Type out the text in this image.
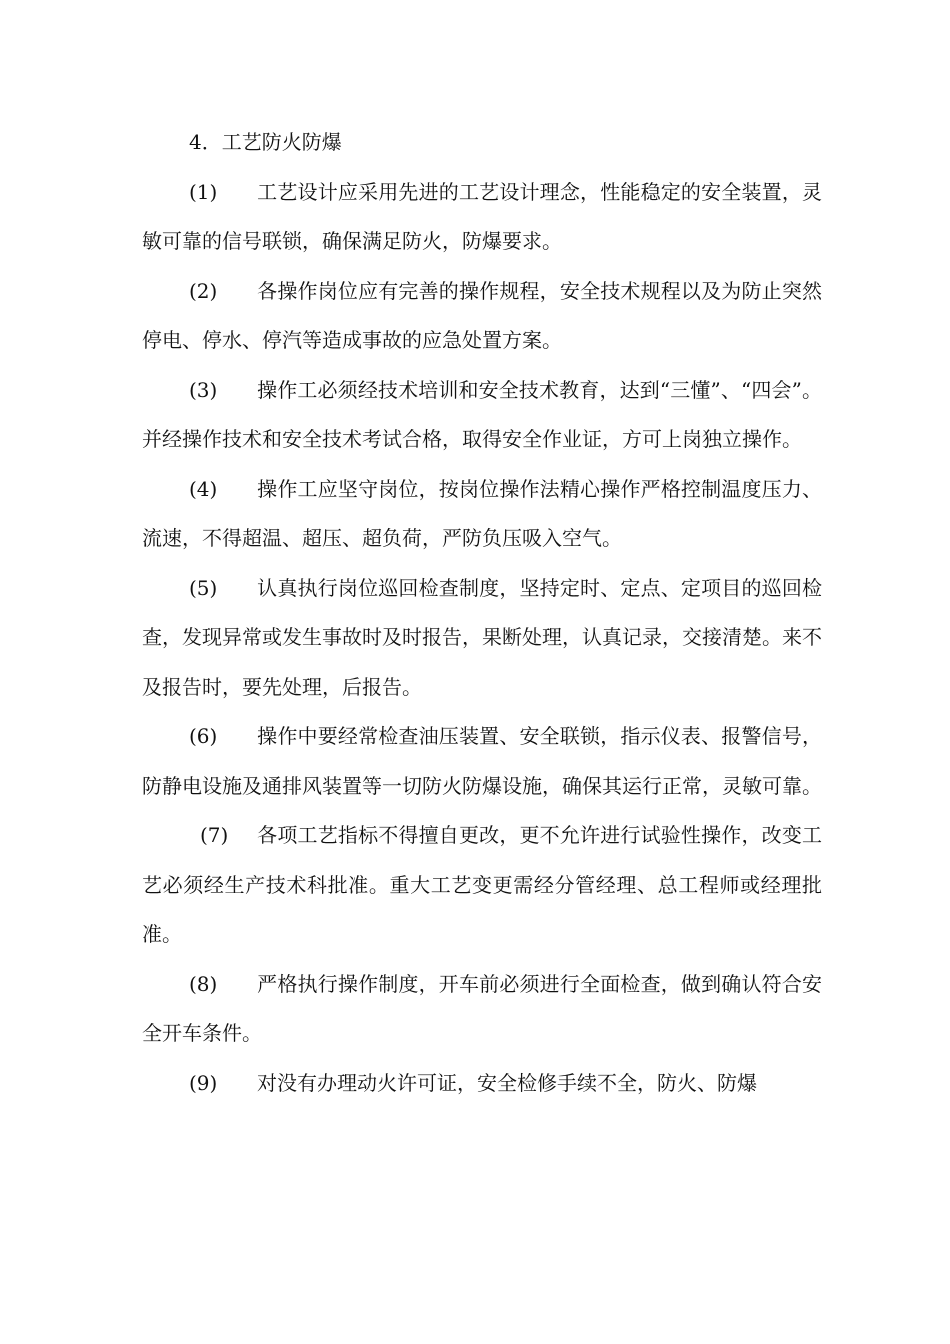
4．工艺防火防爆

(1) 工艺设计应采用先进的工艺设计理念，性能稳定的安全装置，灵敏可靠的信号联锁，确保满足防火，防爆要求。

(2) 各操作岗位应有完善的操作规程，安全技术规程以及为防止突然停电、停水、停汽等造成事故的应急处置方案。

(3) 操作工必须经技术培训和安全技术教育，达到“三懂”、“四会”。并经操作技术和安全技术考试合格，取得安全作业证，方可上岗独立操作。

(4) 操作工应坚守岗位，按岗位操作法精心操作严格控制温度压力、流速，不得超温、超压、超负荷，严防负压吸入空气。

(5) 认真执行岗位巡回检查制度，坚持定时、定点、定项目的巡回检查，发现异常或发生事故时及时报告，果断处理，认真记录，交接清楚。来不及报告时，要先处理，后报告。

(6) 操作中要经常检查油压装置、安全联锁，指示仪表、报警信号，防静电设施及通排风装置等一切防火防爆设施，确保其运行正常，灵敏可靠。

(7) 各项工艺指标不得擅自更改，更不允许进行试验性操作，改变工艺必须经生产技术科批准。重大工艺变更需经分管经理、总工程师或经理批准。

(8) 严格执行操作制度，开车前必须进行全面检查，做到确认符合安全开车条件。

(9) 对没有办理动火许可证，安全检修手续不全，防火、防爆
